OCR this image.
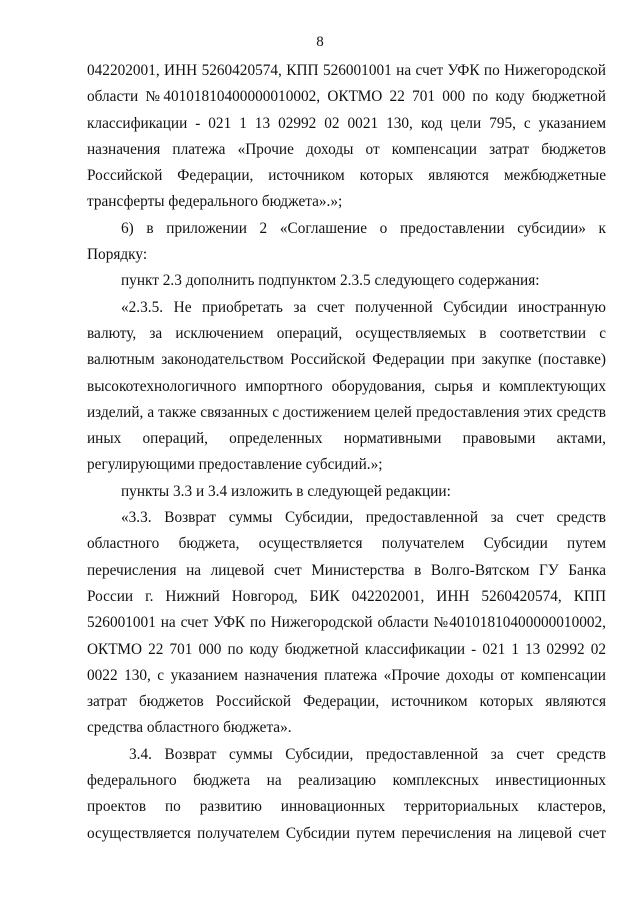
8
042202001, ИНН 5260420574, КПП 526001001 на счет УФК по Нижегородской
области №40101810400000010002, ОКТМО 22 701 000 по коду бюджетной
классификации - 021 1 13 02992 02 0021 130, код цели 795, с указанием
назначения платежа «Прочие доходы от компенсации затрат бюджетов
Российской Федерации, источником которых являются межбюджетные
трансферты федерального бюджета».»;
6) в приложении 2 «Соглашение о предоставлении субсидии» к
Порядку:
пункт 2.3 дополнить подпунктом 2.3.5 следующего содержания:
«2.3.5. Не приобретать за счет полученной Субсидии иностранную
валюту, за исключением операций, осуществляемых в соответствии с
валютным законодательством Российской Федерации при закупке (поставке)
высокотехнологичного импортного оборудования, сырья и комплектующих
изделий, а также связанных с достижением целей предоставления этих средств
иных операций, определенных нормативными правовыми актами,
регулирующими предоставление субсидий.»;
пункты 3.3 и 3.4 изложить в следующей редакции:
«3.3. Возврат суммы Субсидии, предоставленной за счет средств
областного бюджета, осуществляется получателем Субсидии путем
перечисления на лицевой счет Министерства в Волго-Вятском ГУ Банка
России г. Нижний Новгород, БИК 042202001, ИНН 5260420574, КПП
526001001 на счет УФК по Нижегородской области №40101810400000010002,
ОКТМО 22 701 000 по коду бюджетной классификации - 021 1 13 02992 02
0022 130, с указанием назначения платежа «Прочие доходы от компенсации
затрат бюджетов Российской Федерации, источником которых являются
средства областного бюджета».
3.4. Возврат суммы Субсидии, предоставленной за счет средств
федерального бюджета на реализацию комплексных инвестиционных
проектов по развитию инновационных территориальных кластеров,
осуществляется получателем Субсидии путем перечисления на лицевой счет
